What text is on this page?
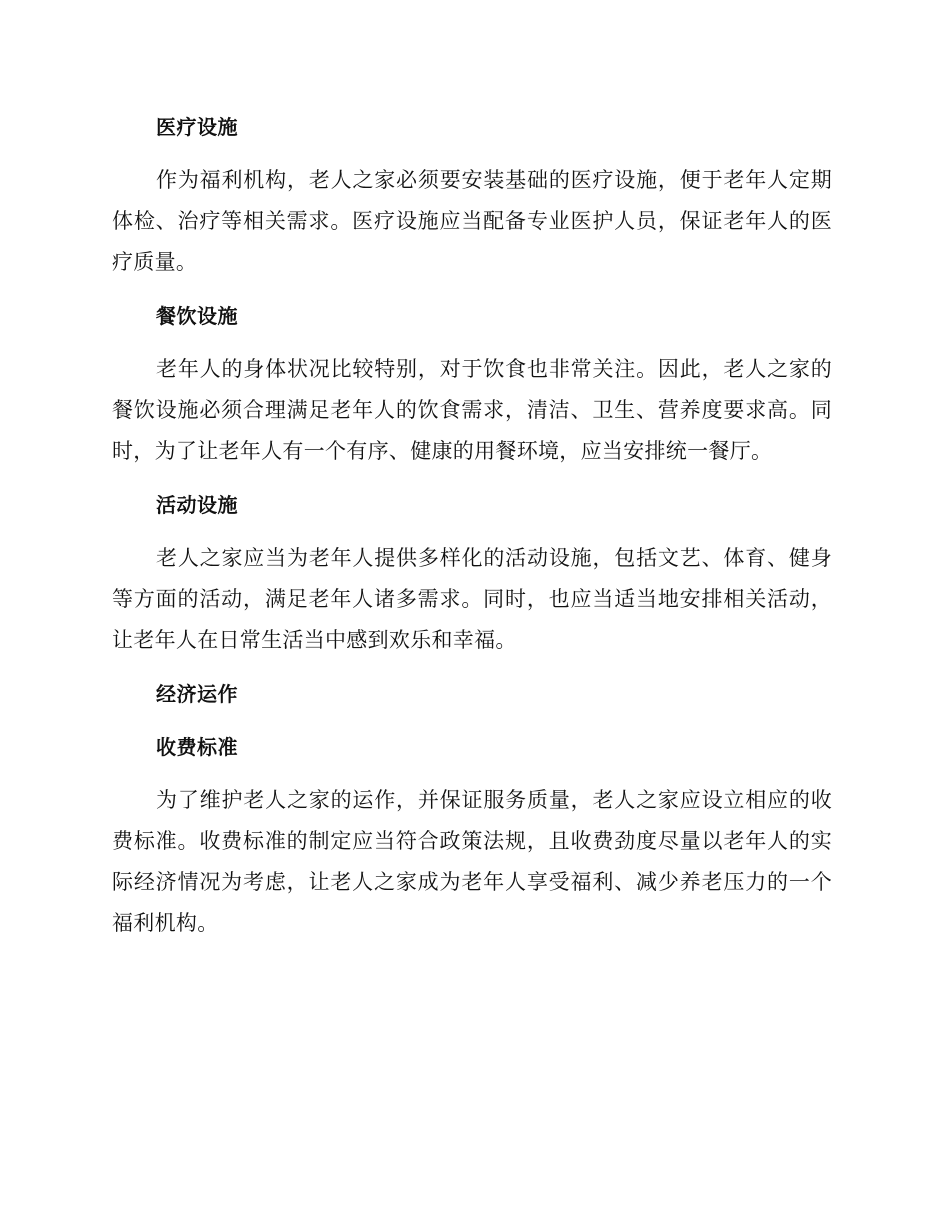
医疗设施

作为福利机构，老人之家必须要安装基础的医疗设施，便于老年人定期体检、治疗等相关需求。医疗设施应当配备专业医护人员，保证老年人的医疗质量。

餐饮设施

老年人的身体状况比较特别，对于饮食也非常关注。因此，老人之家的餐饮设施必须合理满足老年人的饮食需求，清洁、卫生、营养度要求高。同时，为了让老年人有一个有序、健康的用餐环境，应当安排统一餐厅。

活动设施

老人之家应当为老年人提供多样化的活动设施，包括文艺、体育、健身等方面的活动，满足老年人诸多需求。同时，也应当适当地安排相关活动，让老年人在日常生活当中感到欢乐和幸福。

经济运作
收费标准

为了维护老人之家的运作，并保证服务质量，老人之家应设立相应的收费标准。收费标准的制定应当符合政策法规，且收费劲度尽量以老年人的实际经济情况为考虑，让老人之家成为老年人享受福利、减少养老压力的一个福利机构。
